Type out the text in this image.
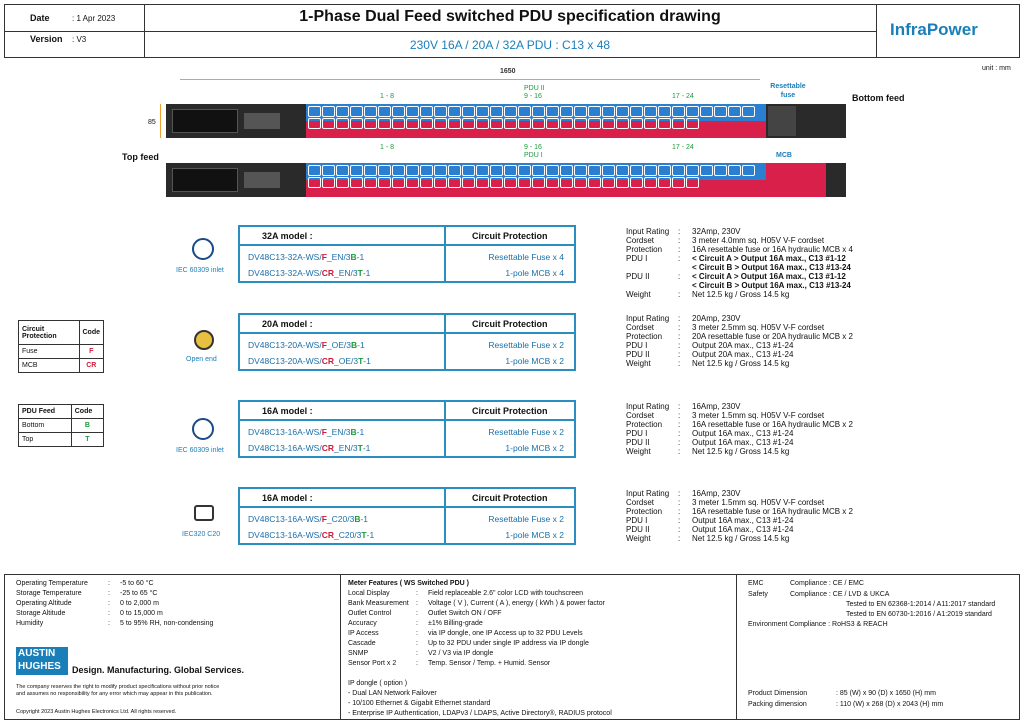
Date	: 1 Apr 2023
Version : V3
1-Phase Dual Feed switched PDU specification drawing
230V 16A / 20A / 32A PDU : C13 x 48
InfraPower
unit : mm
1650
85
Bottom feed
Top feed
Resettable fuse
MCB
1 - 8
PDU II
9 - 16	17 - 24
1 - 8	9 - 16
PDU I
17 - 24
Circuit Protection	Code
Fuse	F
MCB	CR
PDU Feed	Code
Bottom	B
Top	T
IEC 60309 inlet
Open end
IEC 60309 inlet
IEC320 C20
32A model :	Circuit Protection
DV48C13-32A-WS/F_EN/3B-1	Resettable Fuse x 4
DV48C13-32A-WS/CR_EN/3T-1	1-pole MCB x 4
20A model :	Circuit Protection
DV48C13-20A-WS/F_OE/3B-1	Resettable Fuse x 2
DV48C13-20A-WS/CR_OE/3T-1	1-pole MCB x 2
16A model :	Circuit Protection
DV48C13-16A-WS/F_EN/3B-1	Resettable Fuse x 2
DV48C13-16A-WS/CR_EN/3T-1	1-pole MCB x 2
16A model :	Circuit Protection
DV48C13-16A-WS/F_C20/3B-1	Resettable Fuse x 2
DV48C13-16A-WS/CR_C20/3T-1	1-pole MCB x 2
Input Rating : 32Amp, 230V
Cordset	: 3 meter 4.0mm sq. H05V V-F cordset
Protection : 16A resettable fuse or 16A hydraulic MCB x 4
PDU I	: < Circuit A > Output 16A max., C13 #1-12
< Circuit B > Output 16A max., C13 #13-24
PDU II	: < Circuit A > Output 16A max., C13 #1-12
< Circuit B > Output 16A max., C13 #13-24
Weight	: Net 12.5 kg / Gross 14.5 kg
Input Rating : 20Amp, 230V
Cordset	: 3 meter 2.5mm sq. H05V V-F cordset
Protection : 20A resettable fuse or 20A hydraulic MCB x 2
PDU I	: Output 20A max., C13 #1-24
PDU II	: Output 20A max., C13 #1-24
Weight	: Net 12.5 kg / Gross 14.5 kg
Input Rating : 16Amp, 230V
Cordset	: 3 meter 1.5mm sq. H05V V-F cordset
Protection : 16A resettable fuse or 16A hydraulic MCB x 2
PDU I	: Output 16A max., C13 #1-24
PDU II	: Output 16A max., C13 #1-24
Weight	: Net 12.5 kg / Gross 14.5 kg
Input Rating : 16Amp, 230V
Cordset	: 3 meter 1.5mm sq. H05V V-F cordset
Protection : 16A resettable fuse or 16A hydraulic MCB x 2
PDU I	: Output 16A max., C13 #1-24
PDU II	: Output 16A max., C13 #1-24
Weight	: Net 12.5 kg / Gross 14.5 kg
Operating Temperature	: -5 to 60 °C
Storage Temperature	: -25 to 65 °C
Operating Altitude	: 0 to 2,000 m
Storage Altitude	: 0 to 15,000 m
Humidity	: 5 to 95% RH, non-condensing
AUSTIN
HUGHES	Design. Manufacturing. Global Services.
The company reserves the right to modify product specifications without prior notice
and assumes no responsibility for any error which may appear in this publication.
Copyright 2023 Austin Hughes Electronics Ltd. All rights reserved.
Meter Features ( WS Switched PDU )
Local Display	: Field replaceable 2.6" color LCD with touchscreen
Bank Measurement : Voltage ( V ), Current ( A ), energy ( kWh ) & power factor
Outlet Control	: Outlet Switch ON / OFF
Accuracy	: ±1% Billing-grade
IP Access	: via IP dongle, one IP Access up to 32 PDU Levels
Cascade	: Up to 32 PDU under single IP address via IP dongle
SNMP	: V2 / V3 via IP dongle
Sensor Port x 2	: Temp. Sensor / Temp. + Humid. Sensor
IP dongle ( option )
- Dual LAN Network Failover
- 10/100 Ethernet & Gigabit Ethernet standard
- Enterprise IP Authentication, LDAPv3 / LDAPS, Active Directory®, RADIUS protocol
EMC	Compliance : CE / EMC
Safety	Compliance : CE / LVD & UKCA
Tested to EN 62368-1:2014 / A11:2017 standard
Tested to EN 60730-1:2016 / A1:2019 standard
Environment Compliance : RoHS3 & REACH
Product Dimension	: 85 (W) x 90 (D) x 1650 (H) mm
Packing dimension	: 110 (W) x 268 (D) x 2043 (H) mm
